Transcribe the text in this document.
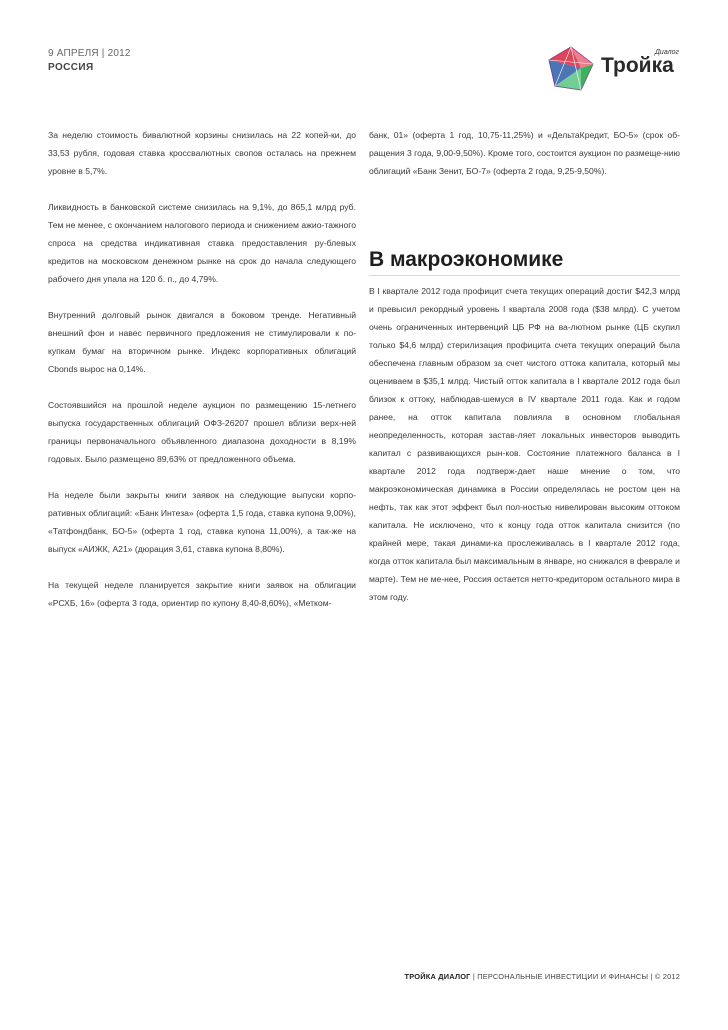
9 АПРЕЛЯ | 2012
РОССИЯ	Тройка
Диалог

За неделю стоимость бивалютной корзины снизилась на 22 копей-ки, до 33,53 рубля, годовая ставка кроссвалютных свопов осталась на прежнем уровне в 5,7%.

Ликвидность в банковской системе снизилась на 9,1%, до 865,1 млрд руб. Тем не менее, с окончанием налогового периода и снижением ажио-тажного спроса на средства индикативная ставка предоставления ру-блевых кредитов на московском денежном рынке на срок до начала следующего рабочего дня упала на 120 б. п., до 4,79%.

Внутренний долговый рынок двигался в боковом тренде. Негативный внешний фон и навес первичного предложения не стимулировали к по-купкам бумаг на вторичном рынке. Индекс корпоративных облигаций Cbonds вырос на 0,14%.

Состоявшийся на прошлой неделе аукцион по размещению 15-летнего выпуска государственных облигаций ОФЗ-26207 прошел вблизи верх-ней границы первоначального объявленного диапазона доходности в 8,19% годовых. Было размещено 89,63% от предложенного объема.

На неделе были закрыты книги заявок на следующие выпуски корпо-ративных облигаций: «Банк Интеза» (оферта 1,5 года, ставка купона 9,00%), «Татфондбанк, БО-5» (оферта 1 год, ставка купона 11,00%), а так-же на выпуск «АИЖК, А21» (дюрация 3,61, ставка купона 8,80%).

На текущей неделе планируется закрытие книги заявок на облигации «РСХБ, 16» (оферта 3 года, ориентир по купону 8,40-8,60%), «Метком-

банк, 01» (оферта 1 год, 10,75-11,25%) и «ДельтаКредит, БО-5» (срок об-ращения 3 года, 9,00-9,50%). Кроме того, состоится аукцион по размеще-нию облигаций «Банк Зенит, БО-7» (оферта 2 года, 9,25-9,50%).

В макроэкономике

В I квартале 2012 года профицит счета текущих операций достиг $42,3 млрд и превысил рекордный уровень I квартала 2008 года ($38 млрд). С учетом очень ограниченных интервенций ЦБ РФ на ва-лютном рынке (ЦБ скупил только $4,6 млрд) стерилизация профицита счета текущих операций была обеспечена главным образом за счет чистого оттока капитала, который мы оцениваем в $35,1 млрд. Чистый отток капитала в I квартале 2012 года был близок к оттоку, наблюдав-шемуся в IV квартале 2011 года. Как и годом ранее, на отток капитала повлияла в основном глобальная неопределенность, которая застав-ляет локальных инвесторов выводить капитал с развивающихся рын-ков. Состояние платежного баланса в I квартале 2012 года подтверж-дает наше мнение о том, что макроэкономическая динамика в России определялась не ростом цен на нефть, так как этот эффект был пол-ностью нивелирован высоким оттоком капитала. Не исключено, что к концу года отток капитала снизится (по крайней мере, такая динами-ка прослеживалась в I квартале 2012 года, когда отток капитала был максимальным в январе, но снижался в феврале и марте). Тем не ме-нее, Россия остается нетто-кредитором остального мира в этом году.

ТРОЙКА ДИАЛОГ | ПЕРСОНАЛЬНЫЕ ИНВЕСТИЦИИ И ФИНАНСЫ | © 2012
